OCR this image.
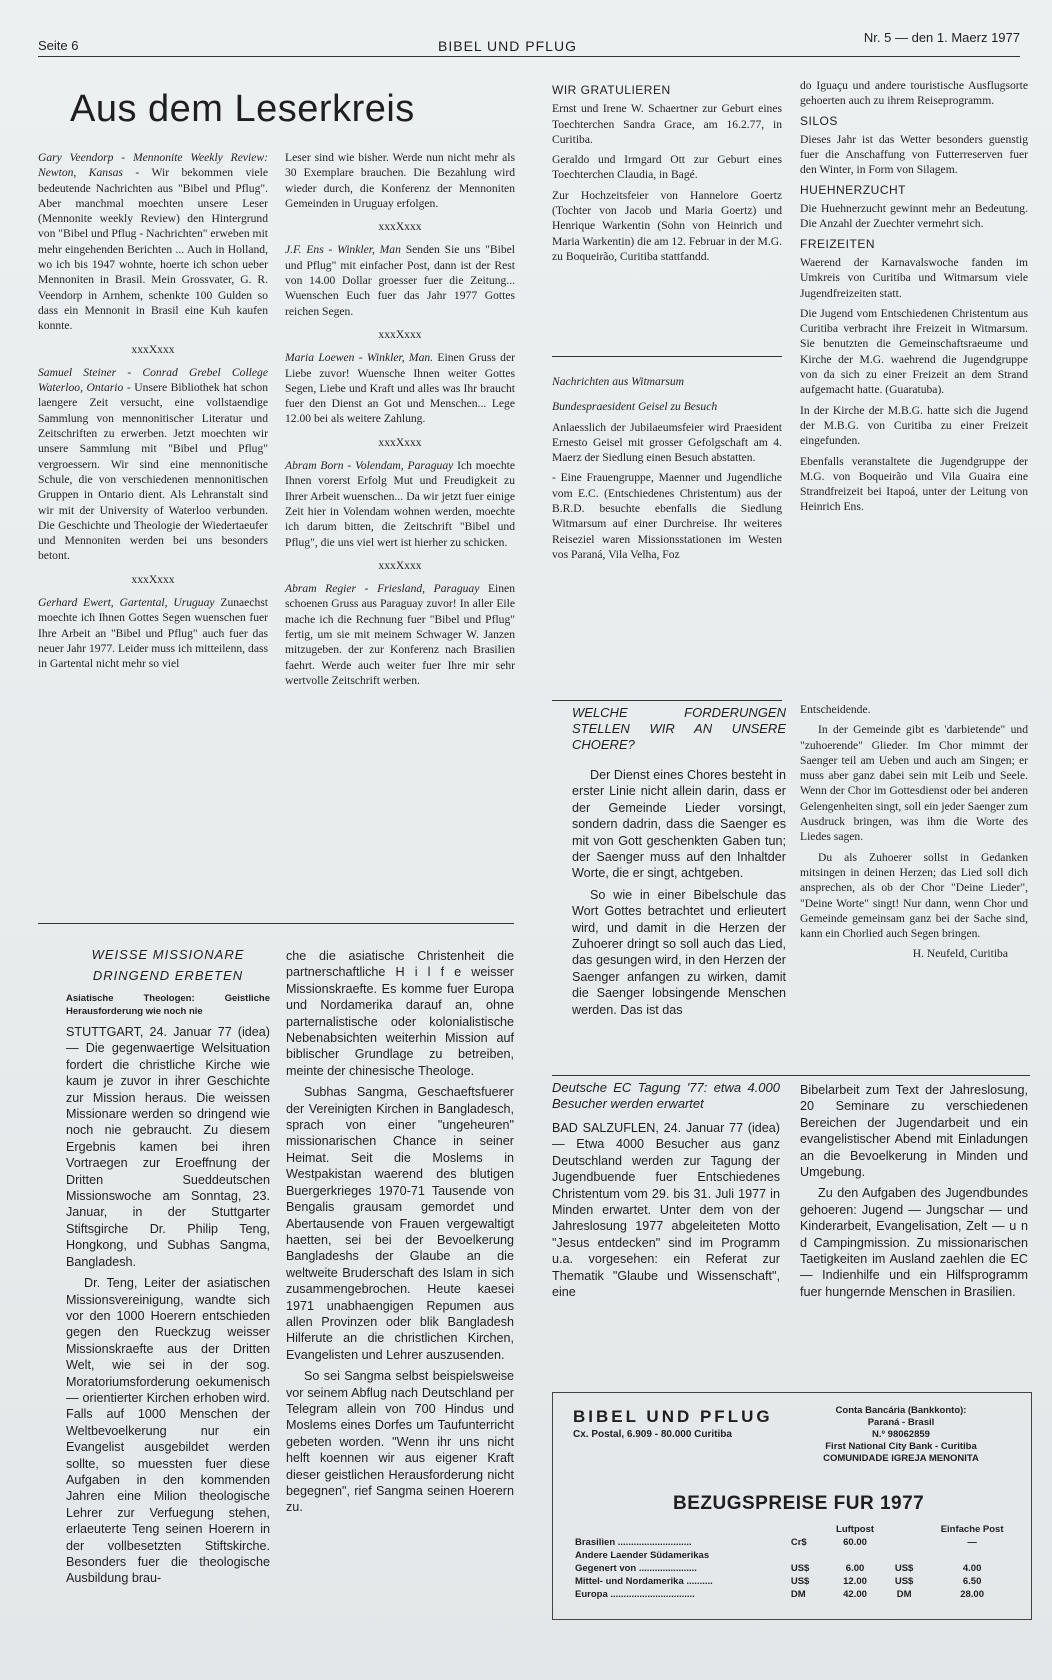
Seite 6	BIBEL UND PFLUG
Nr. 5 — den 1. Maerz 1977
Aus dem Leserkreis

Gary Veendorp - Mennonite Weekly Review: Newton, Kansas - Wir bekommen viele bedeutende Nachrichten aus "Bibel und Pflug". Aber manchmal moechten unsere Leser (Mennonite weekly Review) den Hintergrund von "Bibel und Pflug - Nachrichten" erweben mit mehr eingehenden Berichten ... Auch in Holland, wo ich bis 1947 wohnte, hoerte ich schon ueber Mennoniten in Brasil. Mein Grossvater, G. R. Veendorp in Arnhem, schenkte 100 Gulden so dass ein Mennonit in Brasil eine Kuh kaufen konnte.

xxxXxxx

Samuel Steiner - Conrad Grebel College Waterloo, Ontario - Unsere Bibliothek hat schon laengere Zeit versucht, eine vollstaendige Sammlung von mennonitischer Literatur und Zeitschriften zu erwerben. Jetzt moechten wir unsere Sammlung mit "Bibel und Pflug" vergroessern. Wir sind eine mennonitische Schule, die von verschiedenen mennonitischen Gruppen in Ontario dient. Als Lehranstalt sind wir mit der University of Waterloo verbunden. Die Geschichte und Theologie der Wiedertaeufer und Mennoniten werden bei uns besonders betont.

xxxXxxx

Gerhard Ewert, Gartental, Uruguay Zunaechst moechte ich Ihnen Gottes Segen wuenschen fuer Ihre Arbeit an "Bibel und Pflug" auch fuer das neuer Jahr 1977. Leider muss ich mitteilenn, dass in Gartental nicht mehr so viel

Leser sind wie bisher. Werde nun nicht mehr als 30 Exemplare brauchen. Die Bezahlung wird wieder durch, die Konferenz der Mennoniten Gemeinden in Uruguay erfolgen.

xxxXxxx

J.F. Ens - Winkler, Man Senden Sie uns "Bibel und Pflug" mit einfacher Post, dann ist der Rest von 14.00 Dollar groesser fuer die Zeitung... Wuenschen Euch fuer das Jahr 1977 Gottes reichen Segen.

xxxXxxx

Maria Loewen - Winkler, Man. Einen Gruss der Liebe zuvor! Wuensche Ihnen weiter Gottes Segen, Liebe und Kraft und alles was Ihr braucht fuer den Dienst an Got und Menschen... Lege 12.00 bei als weitere Zahlung.

xxxXxxx

Abram Born - Volendam, Paraguay Ich moechte Ihnen vorerst Erfolg Mut und Freudigkeit zu Ihrer Arbeit wuenschen... Da wir jetzt fuer einige Zeit hier in Volendam wohnen werden, moechte ich darum bitten, die Zeitschrift "Bibel und Pflug", die uns viel wert ist hierher zu schicken.

xxxXxxx

Abram Regier - Friesland, Paraguay Einen schoenen Gruss aus Paraguay zuvor! In aller Eile mache ich die Rechnung fuer "Bibel und Pflug" fertig, um sie mit meinem Schwager W. Janzen mitzugeben. der zur Konferenz nach Brasilien faehrt. Werde auch weiter fuer Ihre mir sehr wertvolle Zeitschrift werben.

WIR GRATULIEREN

Ernst und Irene W. Schaertner zur Geburt eines Toechterchen Sandra Grace, am 16.2.77, in Curitiba.

Geraldo und Irmgard Ott zur Geburt eines Toechterchen Claudia, in Bagé.

Zur Hochzeitsfeier von Hannelore Goertz (Tochter von Jacob und Maria Goertz) und Henrique Warkentin (Sohn von Heinrich und Maria Warkentin) die am 12. Februar in der M.G. zu Boqueirão, Curitiba stattfandd.

Nachrichten aus Witmarsum

Bundespraesident Geisel zu Besuch

Anlaesslich der Jubilaeumsfeier wird Praesident Ernesto Geisel mit grosser Gefolgschaft am 4. Maerz der Siedlung einen Besuch abstatten.

- Eine Frauengruppe, Maenner und Jugendliche vom E.C. (Entschiedenes Christentum) aus der B.R.D. besuchte ebenfalls die Siedlung Witmarsum auf einer Durchreise. Ihr weiteres Reiseziel waren Missionsstationen im Westen vos Paraná, Vila Velha, Foz

do Iguaçu und andere touristische Ausflugsorte gehoerten auch zu ihrem Reiseprogramm.

SILOS

Dieses Jahr ist das Wetter besonders guenstig fuer die Anschaffung von Futterreserven fuer den Winter, in Form von Silagem.

HUEHNERZUCHT

Die Huehnerzucht gewinnt mehr an Bedeutung. Die Anzahl der Zuechter vermehrt sich.

FREIZEITEN

Waerend der Karnavalswoche fanden im Umkreis von Curitiba und Witmarsum viele Jugendfreizeiten statt.

Die Jugend vom Entschiedenen Christentum aus Curitiba verbracht ihre Freizeit in Witmarsum. Sie benutzten die Gemeinschaftsraeume und Kirche der M.G. waehrend die Jugendgruppe von da sich zu einer Freizeit an dem Strand aufgemacht hatte. (Guaratuba).

In der Kirche der M.B.G. hatte sich die Jugend der M.B.G. von Curitiba zu einer Freizeit eingefunden.

Ebenfalls veranstaltete die Jugendgruppe der M.G. von Boqueirão und Vila Guaira eine Strandfreizeit bei Itapoá, unter der Leitung von Heinrich Ens.

WELCHE FORDERUNGEN STELLEN WIR AN UNSERE CHOERE?

Der Dienst eines Chores besteht in erster Linie nicht allein darin, dass er der Gemeinde Lieder vorsingt, sondern dadrin, dass die Saenger es mit von Gott geschenkten Gaben tun; der Saenger muss auf den Inhaltder Worte, die er singt, achtgeben.

So wie in einer Bibelschule das Wort Gottes betrachtet und erlieutert wird, und damit in die Herzen der Zuhoerer dringt so soll auch das Lied, das gesungen wird, in den Herzen der Saenger anfangen zu wirken, damit die Saenger lobsingende Menschen werden. Das ist das

Entscheidende.

In der Gemeinde gibt es 'darbietende" und "zuhoerende" Glieder. Im Chor mimmt der Saenger teil am Ueben und auch am Singen; er muss aber ganz dabei sein mit Leib und Seele. Wenn der Chor im Gottesdienst oder bei anderen Gelengenheiten singt, soll ein jeder Saenger zum Ausdruck bringen, was ihm die Worte des Liedes sagen.

Du als Zuhoerer sollst in Gedanken mitsingen in deinen Herzen; das Lied soll dich ansprechen, als ob der Chor "Deine Lieder", "Deine Worte" singt! Nur dann, wenn Chor und Gemeinde gemeinsam ganz bei der Sache sind, kann ein Chorlied auch Segen bringen.

H. Neufeld, Curitiba

Deutsche EC Tagung '77: etwa 4.000 Besucher werden erwartet

BAD SALZUFLEN, 24. Januar 77 (idea) — Etwa 4000 Besucher aus ganz Deutschland werden zur Tagung der Jugendbuende fuer Entschiedenes Christentum vom 29. bis 31. Juli 1977 in Minden erwartet. Unter dem von der Jahreslosung 1977 abgeleiteten Motto "Jesus entdecken" sind im Programm u.a. vorgesehen: ein Referat zur Thematik "Glaube und Wissenschaft", eine

Bibelarbeit zum Text der Jahreslosung, 20 Seminare zu verschiedenen Bereichen der Jugendarbeit und ein evangelistischer Abend mit Einladungen an die Bevoelkerung in Minden und Umgebung.

Zu den Aufgaben des Jugendbundes gehoeren: Jugend — Jungschar — und Kinderarbeit, Evangelisation, Zelt — u n d Campingmission. Zu missionarischen Taetigkeiten im Ausland zaehlen die EC — Indienhilfe und ein Hilfsprogramm fuer hungernde Menschen in Brasilien.

WEISSE MISSIONARE
DRINGEND ERBETEN
Asiatische Theologen: Geistliche Herausforderung wie noch nie

STUTTGART, 24. Januar 77 (idea) — Die gegenwaertige Welsituation fordert die christliche Kirche wie kaum je zuvor in ihrer Geschichte zur Mission heraus. Die weissen Missionare werden so dringend wie noch nie gebraucht. Zu diesem Ergebnis kamen bei ihren Vortraegen zur Eroeffnung der Dritten Sueddeutschen Missionswoche am Sonntag, 23. Januar, in der Stuttgarter Stiftsgirche Dr. Philip Teng, Hongkong, und Subhas Sangma, Bangladesh.

Dr. Teng, Leiter der asiatischen Missionsvereinigung, wandte sich vor den 1000 Hoerern entschieden gegen den Rueckzug weisser Missionskraefte aus der Dritten Welt, wie sei in der sog. Moratoriumsforderung oekumenisch — orientierter Kirchen erhoben wird. Falls auf 1000 Menschen der Weltbevoelkerung nur ein Evangelist ausgebildet werden sollte, so muessten fuer diese Aufgaben in den kommenden Jahren eine Milion theologische Lehrer zur Verfuegung stehen, erlaeuterte Teng seinen Hoerern in der vollbesetzten Stiftskirche. Besonders fuer die theologische Ausbildung brau-

che die asiatische Christenheit die partnerschaftliche H i l f e weisser Missionskraefte. Es komme fuer Europa und Nordamerika darauf an, ohne parternalistische oder kolonialistische Nebenabsichten weiterhin Mission auf biblischer Grundlage zu betreiben, meinte der chinesische Theologe.

Subhas Sangma, Geschaeftsfuerer der Vereinigten Kirchen in Bangladesch, sprach von einer "ungeheuren" missionarischen Chance in seiner Heimat. Seit die Moslems in Westpakistan waerend des blutigen Buergerkrieges 1970-71 Tausende von Bengalis grausam gemordet und Abertausende von Frauen vergewaltigt haetten, sei bei der Bevoelkerung Bangladeshs der Glaube an die weltweite Bruderschaft des Islam in sich zusammengebrochen. Heute kaesei 1971 unabhaengigen Repumen aus allen Provinzen oder blik Bangladesh Hilferute an die christlichen Kirchen, Evangelisten und Lehrer auszusenden.

So sei Sangma selbst beispielsweise vor seinem Abflug nach Deutschland per Telegram allein von 700 Hindus und Moslems eines Dorfes um Taufunterricht gebeten worden. "Wenn ihr uns nicht helft koennen wir aus eigener Kraft dieser geistlichen Herausforderung nicht begegnen", rief Sangma seinen Hoerern zu.

BIBEL UND PFLUG
Cx. Postal, 6.909 - 80.000 Curitiba
Conta Bancária (Bankkonto):
Paraná - Brasil
N.º 98062859
First National City Bank - Curitiba
COMUNIDADE IGREJA MENONITA
BEZUGSPREISE FUR 1977
		Luftpost		Einfache Post
Brasilien ............................	Cr$	60.00		—
Andere Laender Südamerikas				
Gegenert von ......................	US$	6.00	US$	4.00
Mittel- und Nordamerika ..........	US$	12.00	US$	6.50
Europa ................................	DM	42.00	DM	28.00
